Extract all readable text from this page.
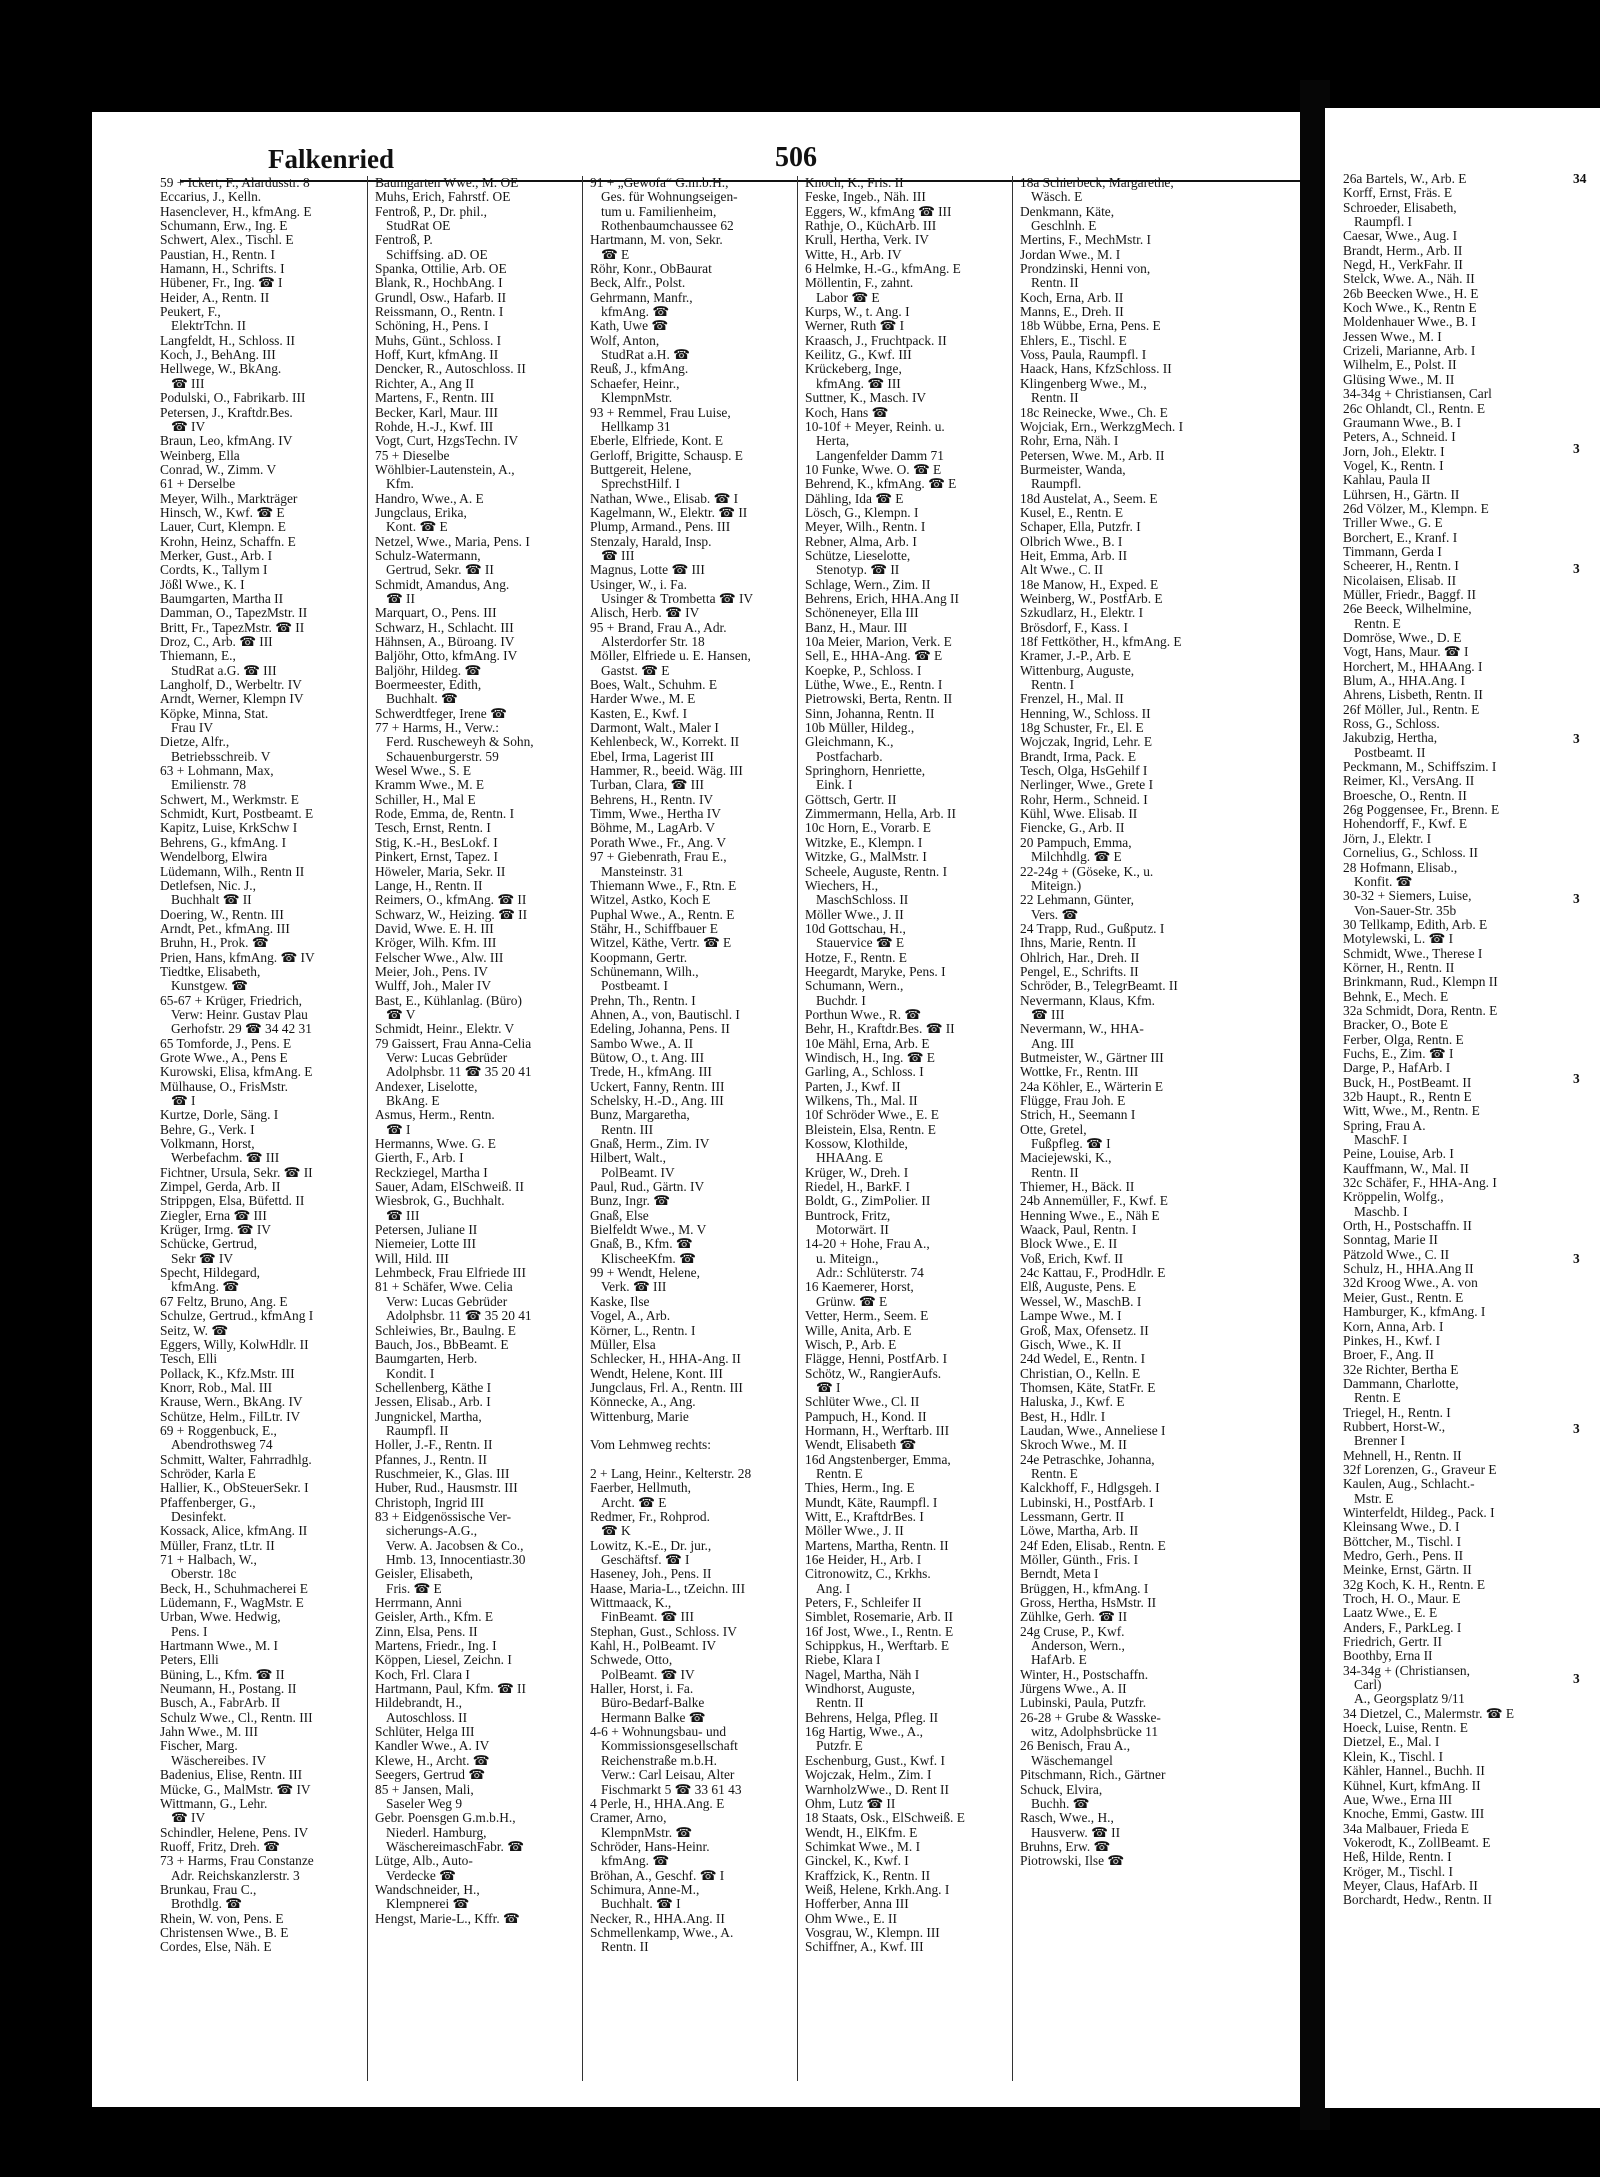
Falkenried	506
59 + Ickert, F., Alardusstr. 8
Eccarius, J., Kelln.
Hasenclever, H., kfmAng. E
Schumann, Erw., Ing. E
Schwert, Alex., Tischl. E
Paustian, H., Rentn. I
Hamann, H., Schrifts. I
Hübener, Fr., Ing. ☎ I
Heider, A., Rentn. II
Peukert, F.,
ElektrTchn. II
Langfeldt, H., Schloss. II
Koch, J., BehAng. III
Hellwege, W., BkAng.
☎ III
Podulski, O., Fabrikarb. III
Petersen, J., Kraftdr.Bes.
☎ IV
Braun, Leo, kfmAng. IV
Weinberg, Ella
Conrad, W., Zimm. V
61 + Derselbe
Meyer, Wilh., Markträger
Hinsch, W., Kwf. ☎ E
Lauer, Curt, Klempn. E
Krohn, Heinz, Schaffn. E
Merker, Gust., Arb. I
Cordts, K., Tallym I
Jößl Wwe., K. I
Baumgarten, Martha II
Damman, O., TapezMstr. II
Britt, Fr., TapezMstr. ☎ II
Droz, C., Arb. ☎ III
Thiemann, E.,
StudRat a.G. ☎ III
Langholf, D., Werbeltr. IV
Arndt, Werner, Klempn IV
Köpke, Minna, Stat.
Frau IV
Dietze, Alfr.,
Betriebsschreib. V
63 + Lohmann, Max,
Emilienstr. 78
Schwert, M., Werkmstr. E
Schmidt, Kurt, Postbeamt. E
Kapitz, Luise, KrkSchw I
Behrens, G., kfmAng. I
Wendelborg, Elwira
Lüdemann, Wilh., Rentn II
Detlefsen, Nic. J.,
Buchhalt ☎ II
Doering, W., Rentn. III
Arndt, Pet., kfmAng. III
Bruhn, H., Prok. ☎
Prien, Hans, kfmAng. ☎ IV
Tiedtke, Elisabeth,
Kunstgew. ☎
65-67 + Krüger, Friedrich,
Verw: Heinr. Gustav Plau
Gerhofstr. 29 ☎ 34 42 31
65 Tomforde, J., Pens. E
Grote Wwe., A., Pens E
Kurowski, Elisa, kfmAng. E
Mülhause, O., FrisMstr.
☎ I
Kurtze, Dorle, Säng. I
Behre, G., Verk. I
Volkmann, Horst,
Werbefachm. ☎ III
Fichtner, Ursula, Sekr. ☎ II
Zimpel, Gerda, Arb. II
Strippgen, Elsa, Büfettd. II
Ziegler, Erna ☎ III
Krüger, Irmg. ☎ IV
Schücke, Gertrud,
Sekr ☎ IV
Specht, Hildegard,
kfmAng. ☎
67 Feltz, Bruno, Ang. E
Schulze, Gertrud., kfmAng I
Seitz, W. ☎
Eggers, Willy, KolwHdlr. II
Tesch, Elli
Pollack, K., Kfz.Mstr. III
Knorr, Rob., Mal. III
Krause, Wern., BkAng. IV
Schütze, Helm., FilLtr. IV
69 + Roggenbuck, E.,
Abendrothsweg 74
Schmitt, Walter, Fahrradhlg.
Schröder, Karla E
Hallier, K., ObSteuerSekr. I
Pfaffenberger, G.,
Desinfekt.
Kossack, Alice, kfmAng. II
Müller, Franz, tLtr. II
71 + Halbach, W.,
Oberstr. 18c
Beck, H., Schuhmacherei E
Lüdemann, F., WagMstr. E
Urban, Wwe. Hedwig,
Pens. I
Hartmann Wwe., M. I
Peters, Elli
Büning, L., Kfm. ☎ II
Neumann, H., Postang. II
Busch, A., FabrArb. II
Schulz Wwe., Cl., Rentn. III
Jahn Wwe., M. III
Fischer, Marg.
Wäschereibes. IV
Badenius, Elise, Rentn. III
Mücke, G., MalMstr. ☎ IV
Wittmann, G., Lehr.
☎ IV
Schindler, Helene, Pens. IV
Ruoff, Fritz, Dreh. ☎
73 + Harms, Frau Constanze
Adr. Reichskanzlerstr. 3
Brunkau, Frau C.,
Brothdlg. ☎
Rhein, W. von, Pens. E
Christensen Wwe., B. E
Cordes, Else, Näh. E
Baumgarten Wwe., M. OE
Muhs, Erich, Fahrstf. OE
Fentroß, P., Dr. phil.,
StudRat OE
Fentroß, P.
Schiffsing. aD. OE
Spanka, Ottilie, Arb. OE
Blank, R., HochbAng. I
Grundl, Osw., Hafarb. II
Reissmann, O., Rentn. I
Schöning, H., Pens. I
Muhs, Günt., Schloss. I
Hoff, Kurt, kfmAng. II
Dencker, R., Autoschloss. II
Richter, A., Ang II
Martens, F., Rentn. III
Becker, Karl, Maur. III
Rohde, H.-J., Kwf. III
Vogt, Curt, HzgsTechn. IV
75 + Dieselbe
Wöhlbier-Lautenstein, A.,
Kfm.
Handro, Wwe., A. E
Jungclaus, Erika,
Kont. ☎ E
Netzel, Wwe., Maria, Pens. I
Schulz-Watermann,
Gertrud, Sekr. ☎ II
Schmidt, Amandus, Ang.
☎ II
Marquart, O., Pens. III
Schwarz, H., Schlacht. III
Hähnsen, A., Büroang. IV
Baljöhr, Otto, kfmAng. IV
Baljöhr, Hildeg. ☎
Boermeester, Edith,
Buchhalt. ☎
Schwerdtfeger, Irene ☎
77 + Harms, H., Verw.:
Ferd. Ruscheweyh & Sohn,
Schauenburgerstr. 59
Wesel Wwe., S. E
Kramm Wwe., M. E
Schiller, H., Mal E
Rode, Emma, de, Rentn. I
Tesch, Ernst, Rentn. I
Stig, K.-H., BesLokf. I
Pinkert, Ernst, Tapez. I
Höweler, Maria, Sekr. II
Lange, H., Rentn. II
Reimers, O., kfmAng. ☎ II
Schwarz, W., Heizing. ☎ II
David, Wwe. E. H. III
Kröger, Wilh. Kfm. III
Felscher Wwe., Alw. III
Meier, Joh., Pens. IV
Wulff, Joh., Maler IV
Bast, E., Kühlanlag. (Büro)
☎ V
Schmidt, Heinr., Elektr. V
79 Gaissert, Frau Anna-Celia
Verw: Lucas Gebrüder
Adolphsbr. 11 ☎ 35 20 41
Andexer, Liselotte,
BkAng. E
Asmus, Herm., Rentn.
☎ I
Hermanns, Wwe. G. E
Gierth, F., Arb. I
Reckziegel, Martha I
Sauer, Adam, ElSchweiß. II
Wiesbrok, G., Buchhalt.
☎ III
Petersen, Juliane II
Niemeier, Lotte III
Will, Hild. III
Lehmbeck, Frau Elfriede III
81 + Schäfer, Wwe. Celia
Verw: Lucas Gebrüder
Adolphsbr. 11 ☎ 35 20 41
Schleiwies, Br., Baulng. E
Bauch, Jos., BbBeamt. E
Baumgarten, Herb.
Kondit. I
Schellenberg, Käthe I
Jessen, Elisab., Arb. I
Jungnickel, Martha,
Raumpfl. II
Holler, J.-F., Rentn. II
Pfannes, J., Rentn. II
Ruschmeier, K., Glas. III
Huber, Rud., Hausmstr. III
Christoph, Ingrid III
83 + Eidgenössische Ver-
sicherungs-A.G.,
Verw. A. Jacobsen & Co.,
Hmb. 13, Innocentiastr.30
Geisler, Elisabeth,
Fris. ☎ E
Herrmann, Anni
Geisler, Arth., Kfm. E
Zinn, Elsa, Pens. II
Martens, Friedr., Ing. I
Köppen, Liesel, Zeichn. I
Koch, Frl. Clara I
Hartmann, Paul, Kfm. ☎ II
Hildebrandt, H.,
Autoschloss. II
Schlüter, Helga III
Kandler Wwe., A. IV
Klewe, H., Archt. ☎
Seegers, Gertrud ☎
85 + Jansen, Mali,
Saseler Weg 9
Gebr. Poensgen G.m.b.H.,
Niederl. Hamburg,
WäschereimaschFabr. ☎
Lütge, Alb., Auto-
Verdecke ☎
Wandschneider, H.,
Klempnerei ☎
Hengst, Marie-L., Kffr. ☎
91 + „Gewofa“ G.m.b.H.,
Ges. für Wohnungseigen-
tum u. Familienheim,
Rothenbaumchaussee 62
Hartmann, M. von, Sekr.
☎ E
Röhr, Konr., ObBaurat
Beck, Alfr., Polst.
Gehrmann, Manfr.,
kfmAng. ☎
Kath, Uwe ☎
Wolf, Anton,
StudRat a.H. ☎
Reuß, J., kfmAng.
Schaefer, Heinr.,
KlempnMstr.
93 + Remmel, Frau Luise,
Hellkamp 31
Eberle, Elfriede, Kont. E
Gerloff, Brigitte, Schausp. E
Buttgereit, Helene,
SprechstHilf. I
Nathan, Wwe., Elisab. ☎ I
Kagelmann, W., Elektr. ☎ II
Plump, Armand., Pens. III
Stenzaly, Harald, Insp.
☎ III
Magnus, Lotte ☎ III
Usinger, W., i. Fa.
Usinger & Trombetta ☎ IV
Alisch, Herb. ☎ IV
95 + Brand, Frau A., Adr.
Alsterdorfer Str. 18
Möller, Elfriede u. E. Hansen,
Gastst. ☎ E
Boes, Walt., Schuhm. E
Harder Wwe., M. E
Kasten, E., Kwf. I
Darmont, Walt., Maler I
Kehlenbeck, W., Korrekt. II
Ebel, Irma, Lagerist III
Hammer, R., beeid. Wäg. III
Turban, Clara, ☎ III
Behrens, H., Rentn. IV
Timm, Wwe., Hertha IV
Böhme, M., LagArb. V
Porath Wwe., Fr., Ang. V
97 + Giebenrath, Frau E.,
Mansteinstr. 31
Thiemann Wwe., F., Rtn. E
Witzel, Astko, Koch E
Puphal Wwe., A., Rentn. E
Stähr, H., Schiffbauer E
Witzel, Käthe, Vertr. ☎ E
Koopmann, Gertr.
Schünemann, Wilh.,
Postbeamt. I
Prehn, Th., Rentn. I
Ahnen, A., von, Bautischl. I
Edeling, Johanna, Pens. II
Sambo Wwe., A. II
Bütow, O., t. Ang. III
Trede, H., kfmAng. III
Uckert, Fanny, Rentn. III
Schelsky, H.-D., Ang. III
Bunz, Margaretha,
Rentn. III
Gnaß, Herm., Zim. IV
Hilbert, Walt.,
PolBeamt. IV
Paul, Rud., Gärtn. IV
Bunz, Ingr. ☎
Gnaß, Else
Bielfeldt Wwe., M. V
Gnaß, B., Kfm. ☎
KlischeeKfm. ☎
99 + Wendt, Helene,
Verk. ☎ III
Kaske, Ilse
Vogel, A., Arb.
Körner, L., Rentn. I
Müller, Elsa
Schlecker, H., HHA-Ang. II
Wendt, Helene, Kont. III
Jungclaus, Frl. A., Rentn. III
Könnecke, A., Ang.
Wittenburg, Marie

Vom Lehmweg rechts:

2 + Lang, Heinr., Kelterstr. 28
Faerber, Hellmuth,
Archt. ☎ E
Redmer, Fr., Rohprod.
☎ K
Lowitz, K.-E., Dr. jur.,
Geschäftsf. ☎ I
Haseney, Joh., Pens. II
Haase, Maria-L., tZeichn. III
Wittmaack, K.,
FinBeamt. ☎ III
Stephan, Gust., Schloss. IV
Kahl, H., PolBeamt. IV
Schwede, Otto,
PolBeamt. ☎ IV
Haller, Horst, i. Fa.
Büro-Bedarf-Balke
Hermann Balke ☎
4-6 + Wohnungsbau- und
Kommissionsgesellschaft
Reichenstraße m.b.H.
Verw.: Carl Leisau, Alter
Fischmarkt 5 ☎ 33 61 43
4 Perle, H., HHA.Ang. E
Cramer, Arno,
KlempnMstr. ☎
Schröder, Hans-Heinr.
kfmAng. ☎
Bröhan, A., Geschf. ☎ I
Schimura, Anne-M.,
Buchhalt. ☎ I
Necker, R., HHA.Ang. II
Schmellenkamp, Wwe., A.
Rentn. II
Knoch, K., Fris. II
Feske, Ingeb., Näh. III
Eggers, W., kfmAng ☎ III
Rathje, O., KüchArb. III
Krull, Hertha, Verk. IV
Witte, H., Arb. IV
6 Helmke, H.-G., kfmAng. E
Möllentin, F., zahnt.
Labor ☎ E
Kurps, W., t. Ang. I
Werner, Ruth ☎ I
Kraasch, J., Fruchtpack. II
Keilitz, G., Kwf. III
Krückeberg, Inge,
kfmAng. ☎ III
Suttner, K., Masch. IV
Koch, Hans ☎
10-10f + Meyer, Reinh. u.
Herta,
Langenfelder Damm 71
10 Funke, Wwe. O. ☎ E
Behrend, K., kfmAng. ☎ E
Dähling, Ida ☎ E
Lösch, G., Klempn. I
Meyer, Wilh., Rentn. I
Rebner, Alma, Arb. I
Schütze, Lieselotte,
Stenotyp. ☎ II
Schlage, Wern., Zim. II
Behrens, Erich, HHA.Ang II
Schöneneyer, Ella III
Banz, H., Maur. III
10a Meier, Marion, Verk. E
Sell, E., HHA-Ang. ☎ E
Koepke, P., Schloss. I
Lüthe, Wwe., E., Rentn. I
Pietrowski, Berta, Rentn. II
Sinn, Johanna, Rentn. II
10b Müller, Hildeg.,
Gleichmann, K.,
Postfacharb.
Springhorn, Henriette,
Eink. I
Göttsch, Gertr. II
Zimmermann, Hella, Arb. II
10c Horn, E., Vorarb. E
Witzke, E., Klempn. I
Witzke, G., MalMstr. I
Scheele, Auguste, Rentn. I
Wiechers, H.,
MaschSchloss. II
Möller Wwe., J. II
10d Gottschau, H.,
Stauervice ☎ E
Hotze, F., Rentn. E
Heegardt, Maryke, Pens. I
Schumann, Wern.,
Buchdr. I
Porthun Wwe., R. ☎
Behr, H., Kraftdr.Bes. ☎ II
10e Mähl, Erna, Arb. E
Windisch, H., Ing. ☎ E
Garling, A., Schloss. I
Parten, J., Kwf. II
Wilkens, Th., Mal. II
10f Schröder Wwe., E. E
Bleistein, Elsa, Rentn. E
Kossow, Klothilde,
HHAAng. E
Krüger, W., Dreh. I
Riedel, H., BarkF. I
Boldt, G., ZimPolier. II
Buntrock, Fritz,
Motorwärt. II
14-20 + Hohe, Frau A.,
u. Miteign.,
Adr.: Schlüterstr. 74
16 Kaemerer, Horst,
Grünw. ☎ E
Vetter, Herm., Seem. E
Wille, Anita, Arb. E
Wisch, P., Arb. E
Flägge, Henni, PostfArb. I
Schötz, W., RangierAufs.
☎ I
Schlüter Wwe., Cl. II
Pampuch, H., Kond. II
Hormann, H., Werftarb. III
Wendt, Elisabeth ☎
16d Angstenberger, Emma,
Rentn. E
Thies, Herm., Ing. E
Mundt, Käte, Raumpfl. I
Witt, E., KraftdrBes. I
Möller Wwe., J. II
Martens, Martha, Rentn. II
16e Heider, H., Arb. I
Citronowitz, C., Krkhs.
Ang. I
Peters, F., Schleifer II
Simblet, Rosemarie, Arb. II
16f Jost, Wwe., I., Rentn. E
Schippkus, H., Werftarb. E
Riebe, Klara I
Nagel, Martha, Näh I
Windhorst, Auguste,
Rentn. II
Behrens, Helga, Pfleg. II
16g Hartig, Wwe., A.,
Putzfr. E
Eschenburg, Gust., Kwf. I
Wojczak, Helm., Zim. I
WarnholzWwe., D. Rent II
Ohm, Lutz ☎ II
18 Staats, Osk., ElSchweiß. E
Wendt, H., ElKfm. E
Schimkat Wwe., M. I
Ginckel, K., Kwf. I
Kraffzick, K., Rentn. II
Weiß, Helene, Krkh.Ang. I
Hofferber, Anna III
Ohm Wwe., E. II
Vosgrau, W., Klempn. III
Schiffner, A., Kwf. III
18a Schierbeck, Margarethe,
Wäsch. E
Denkmann, Käte,
Geschlnh. E
Mertins, F., MechMstr. I
Jordan Wwe., M. I
Prondzinski, Henni von,
Rentn. II
Koch, Erna, Arb. II
Manns, E., Dreh. II
18b Wübbe, Erna, Pens. E
Ehlers, E., Tischl. E
Voss, Paula, Raumpfl. I
Haack, Hans, KfzSchloss. II
Klingenberg Wwe., M.,
Rentn. II
18c Reinecke, Wwe., Ch. E
Wojciak, Ern., WerkzgMech. I
Rohr, Erna, Näh. I
Petersen, Wwe. M., Arb. II
Burmeister, Wanda,
Raumpfl.
18d Austelat, A., Seem. E
Kusel, E., Rentn. E
Schaper, Ella, Putzfr. I
Olbrich Wwe., B. I
Heit, Emma, Arb. II
Alt Wwe., C. II
18e Manow, H., Exped. E
Weinberg, W., PostfArb. E
Szkudlarz, H., Elektr. I
Brösdorf, F., Kass. I
18f Fettköther, H., kfmAng. E
Kramer, J.-P., Arb. E
Wittenburg, Auguste,
Rentn. I
Frenzel, H., Mal. II
Henning, W., Schloss. II
18g Schuster, Fr., El. E
Wojczak, Ingrid, Lehr. E
Brandt, Irma, Pack. E
Tesch, Olga, HsGehilf I
Nerlinger, Wwe., Grete I
Rohr, Herm., Schneid. I
Kühl, Wwe. Elisab. II
Fiencke, G., Arb. II
20 Pampuch, Emma,
Milchhdlg. ☎ E
22-24g + (Göseke, K., u.
Miteign.)
22 Lehmann, Günter,
Vers. ☎
24 Trapp, Rud., Gußputz. I
Ihns, Marie, Rentn. II
Ohlrich, Har., Dreh. II
Pengel, E., Schrifts. II
Schröder, B., TelegrBeamt. II
Nevermann, Klaus, Kfm.
☎ III
Nevermann, W., HHA-
Ang. III
Butmeister, W., Gärtner III
Wottke, Fr., Rentn. III
24a Köhler, E., Wärterin E
Flügge, Frau Joh. E
Strich, H., Seemann I
Otte, Gretel,
Fußpfleg. ☎ I
Maciejewski, K.,
Rentn. II
Thiemer, H., Bäck. II
24b Annemüller, F., Kwf. E
Henning Wwe., E., Näh E
Waack, Paul, Rentn. I
Block Wwe., E. II
Voß, Erich, Kwf. II
24c Kattau, F., ProdHdlr. E
Elß, Auguste, Pens. E
Wessel, W., MaschB. I
Lampe Wwe., M. I
Groß, Max, Ofensetz. II
Gisch, Wwe., K. II
24d Wedel, E., Rentn. I
Christian, O., Kelln. E
Thomsen, Käte, StatFr. E
Haluska, J., Kwf. E
Best, H., Hdlr. I
Laudan, Wwe., Anneliese I
Skroch Wwe., M. II
24e Petraschke, Johanna,
Rentn. E
Kalckhoff, F., Hdlgsgeh. I
Lubinski, H., PostfArb. I
Lessmann, Gertr. II
Löwe, Martha, Arb. II
24f Eden, Elisab., Rentn. E
Möller, Günth., Fris. I
Berndt, Meta I
Brüggen, H., kfmAng. I
Gross, Hertha, HsMstr. II
Zühlke, Gerh. ☎ II
24g Cruse, P., Kwf.
Anderson, Wern.,
HafArb. E
Winter, H., Postschaffn.
Jürgens Wwe., A. II
Lubinski, Paula, Putzfr.
26-28 + Grube & Wasske-
witz, Adolphsbrücke 11
26 Benisch, Frau A.,
Wäschemangel
Pitschmann, Rich., Gärtner
Schuck, Elvira,
Buchh. ☎
Rasch, Wwe., H.,
Hausverw. ☎ II
Bruhns, Erw. ☎
Piotrowski, Ilse ☎
26a Bartels, W., Arb. E
Korff, Ernst, Fräs. E
Schroeder, Elisabeth,
Raumpfl. I
Caesar, Wwe., Aug. I
Brandt, Herm., Arb. II
Negd, H., VerkFahr. II
Stelck, Wwe. A., Näh. II
26b Beecken Wwe., H. E
Koch Wwe., K., Rentn E
Moldenhauer Wwe., B. I
Jessen Wwe., M. I
Crizeli, Marianne, Arb. I
Wilhelm, E., Polst. II
Glüsing Wwe., M. II
34-34g + Christiansen, Carl
26c Ohlandt, Cl., Rentn. E
Graumann Wwe., B. I
Peters, A., Schneid. I
Jorn, Joh., Elektr. I
Vogel, K., Rentn. I
Kahlau, Paula II
Lührsen, H., Gärtn. II
26d Völzer, M., Klempn. E
Triller Wwe., G. E
Borchert, E., Kranf. I
Timmann, Gerda I
Scheerer, H., Rentn. I
Nicolaisen, Elisab. II
Müller, Friedr., Baggf. II
26e Beeck, Wilhelmine,
Rentn. E
Domröse, Wwe., D. E
Vogt, Hans, Maur. ☎ I
Horchert, M., HHAAng. I
Blum, A., HHA.Ang. I
Ahrens, Lisbeth, Rentn. II
26f Möller, Jul., Rentn. E
Ross, G., Schloss.
Jakubzig, Hertha,
Postbeamt. II
Peckmann, M., Schiffszim. I
Reimer, Kl., VersAng. II
Broesche, O., Rentn. II
26g Poggensee, Fr., Brenn. E
Hohendorff, F., Kwf. E
Jörn, J., Elektr. I
Cornelius, G., Schloss. II
28 Hofmann, Elisab.,
Konfit. ☎
30-32 + Siemers, Luise,
Von-Sauer-Str. 35b
30 Tellkamp, Edith, Arb. E
Motylewski, L. ☎ I
Schmidt, Wwe., Therese I
Körner, H., Rentn. II
Brinkmann, Rud., Klempn II
Behnk, E., Mech. E
32a Schmidt, Dora, Rentn. E
Bracker, O., Bote E
Ferber, Olga, Rentn. E
Fuchs, E., Zim. ☎ I
Darge, P., HafArb. I
Buck, H., PostBeamt. II
32b Haupt., R., Rentn E
Witt, Wwe., M., Rentn. E
Spring, Frau A.
MaschF. I
Peine, Louise, Arb. I
Kauffmann, W., Mal. II
32c Schäfer, F., HHA-Ang. I
Kröppelin, Wolfg.,
Maschb. I
Orth, H., Postschaffn. II
Sonntag, Marie II
Pätzold Wwe., C. II
Schulz, H., HHA.Ang II
32d Kroog Wwe., A. von
Meier, Gust., Rentn. E
Hamburger, K., kfmAng. I
Korn, Anna, Arb. I
Pinkes, H., Kwf. I
Broer, F., Ang. II
32e Richter, Bertha E
Dammann, Charlotte,
Rentn. E
Triegel, H., Rentn. I
Rubbert, Horst-W.,
Brenner I
Mehnell, H., Rentn. II
32f Lorenzen, G., Graveur E
Kaulen, Aug., Schlacht.-
Mstr. E
Winterfeldt, Hildeg., Pack. I
Kleinsang Wwe., D. I
Böttcher, M., Tischl. I
Medro, Gerh., Pens. II
Meinke, Ernst, Gärtn. II
32g Koch, K. H., Rentn. E
Troch, H. O., Maur. E
Laatz Wwe., E. E
Anders, F., ParkLeg. I
Friedrich, Gertr. II
Boothby, Erna II
34-34g + (Christiansen,
Carl)
A., Georgsplatz 9/11
34 Dietzel, C., Malermstr. ☎ E
Hoeck, Luise, Rentn. E
Dietzel, E., Mal. I
Klein, K., Tischl. I
Kähler, Hannel., Buchh. II
Kühnel, Kurt, kfmAng. II
Aue, Wwe., Erna III
Knoche, Emmi, Gastw. III
34a Malbauer, Frieda E
Vokerodt, K., ZollBeamt. E
Heß, Hilde, Rentn. I
Kröger, M., Tischl. I
Meyer, Claus, HafArb. II
Borchardt, Hedw., Rentn. II
34
3
3
3
3
3
3
3
3
